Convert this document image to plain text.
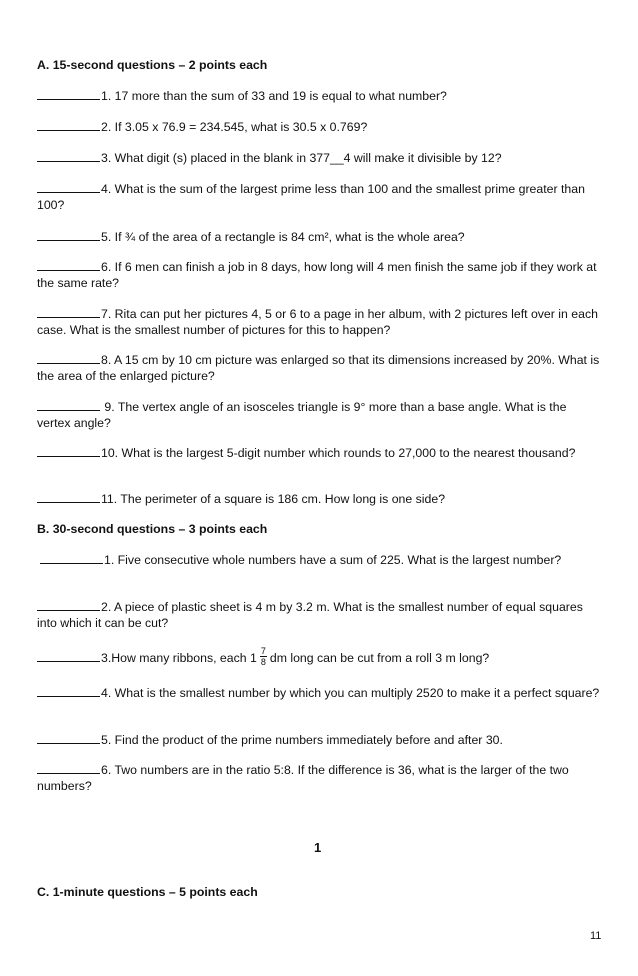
A. 15-second questions – 2 points each
1. 17 more than the sum of 33 and 19 is equal to what number?
2. If 3.05 x 76.9 = 234.545, what is 30.5 x 0.769?
3. What digit (s) placed in the blank in 377__4 will make it divisible by 12?
4. What is the sum of the largest prime less than 100 and the smallest prime greater than 100?
5. If ¾ of the area of a rectangle is 84 cm², what is the whole area?
6. If 6 men can finish a job in 8 days, how long will 4 men finish the same job if they work at the same rate?
7. Rita can put her pictures 4, 5 or 6 to a page in her album, with 2 pictures left over in each case. What is the smallest number of pictures for this to happen?
8. A 15 cm by 10 cm picture was enlarged so that its dimensions increased by 20%. What is the area of the enlarged picture?
9. The vertex angle of an isosceles triangle is 9° more than a base angle. What is the vertex angle?
10. What is the largest 5-digit number which rounds to 27,000 to the nearest thousand?
11. The perimeter of a square is 186 cm. How long is one side?
B. 30-second questions – 3 points each
1. Five consecutive whole numbers have a sum of 225. What is the largest number?
2. A piece of plastic sheet is 4 m by 3.2 m. What is the smallest number of equal squares into which it can be cut?
3.How many ribbons, each $1 \frac{7}{8}$ dm long can be cut from a roll 3 m long?
4. What is the smallest number by which you can multiply 2520 to make it a perfect square?
5. Find the product of the prime numbers immediately before and after 30.
6. Two numbers are in the ratio 5:8. If the difference is 36, what is the larger of the two numbers?
1
C. 1-minute questions – 5 points each
11
